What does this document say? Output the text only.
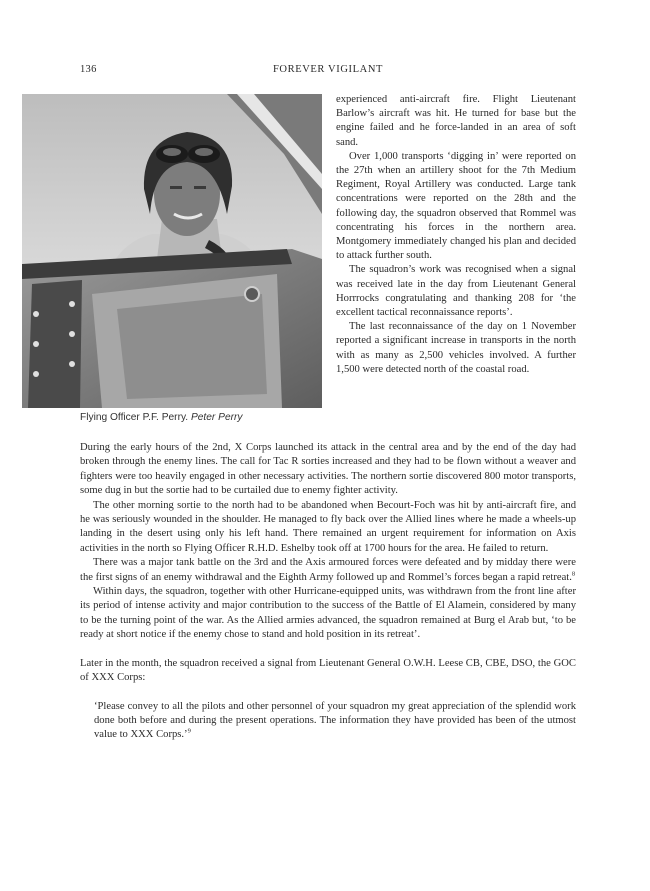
136	FOREVER VIGILANT
Flying Officer P.F. Perry. Peter Perry

experienced anti-aircraft fire. Flight Lieutenant Barlow’s aircraft was hit. He turned for base but the engine failed and he force-landed in an area of soft sand.

Over 1,000 transports ‘digging in’ were reported on the 27th when an artillery shoot for the 7th Medium Regiment, Royal Artillery was conducted. Large tank concentrations were reported on the 28th and the following day, the squadron observed that Rommel was concentrating his forces in the northern area. Montgomery immediately changed his plan and decided to attack further south.

The squadron’s work was recognised when a signal was received late in the day from Lieutenant General Horrrocks congratulating and thanking 208 for ‘the excellent tactical reconnaissance reports’.

The last reconnaissance of the day on 1 November reported a significant increase in transports in the north with as many as 2,500 vehicles involved. A further 1,500 were detected north of the coastal road.

During the early hours of the 2nd, X Corps launched its attack in the central area and by the end of the day had broken through the enemy lines. The call for Tac R sorties increased and they had to be flown without a weaver and fighters were too heavily engaged in other necessary activities. The northern sortie discovered 800 motor transports, some dug in but the sortie had to be curtailed due to enemy fighter activity.

The other morning sortie to the north had to be abandoned when Becourt-Foch was hit by anti-aircraft fire, and he was seriously wounded in the shoulder. He managed to fly back over the Allied lines where he made a wheels-up landing in the desert using only his left hand. There remained an urgent requirement for information on Axis activities in the north so Flying Officer R.H.D. Eshelby took off at 1700 hours for the area. He failed to return.

There was a major tank battle on the 3rd and the Axis armoured forces were defeated and by midday there were the first signs of an enemy withdrawal and the Eighth Army followed up and Rommel’s forces began a rapid retreat.$^8$

Within days, the squadron, together with other Hurricane-equipped units, was withdrawn from the front line after its period of intense activity and major contribution to the success of the Battle of El Alamein, considered by many to be the turning point of the war. As the Allied armies advanced, the squadron remained at Burg el Arab but, ‘to be ready at short notice if the enemy chose to stand and hold position in its retreat’.

Later in the month, the squadron received a signal from Lieutenant General O.W.H. Leese CB, CBE, DSO, the GOC of XXX Corps:

‘Please convey to all the pilots and other personnel of your squadron my great appreciation of the splendid work done both before and during the present operations. The information they have provided has been of the utmost value to XXX Corps.’$^9$
